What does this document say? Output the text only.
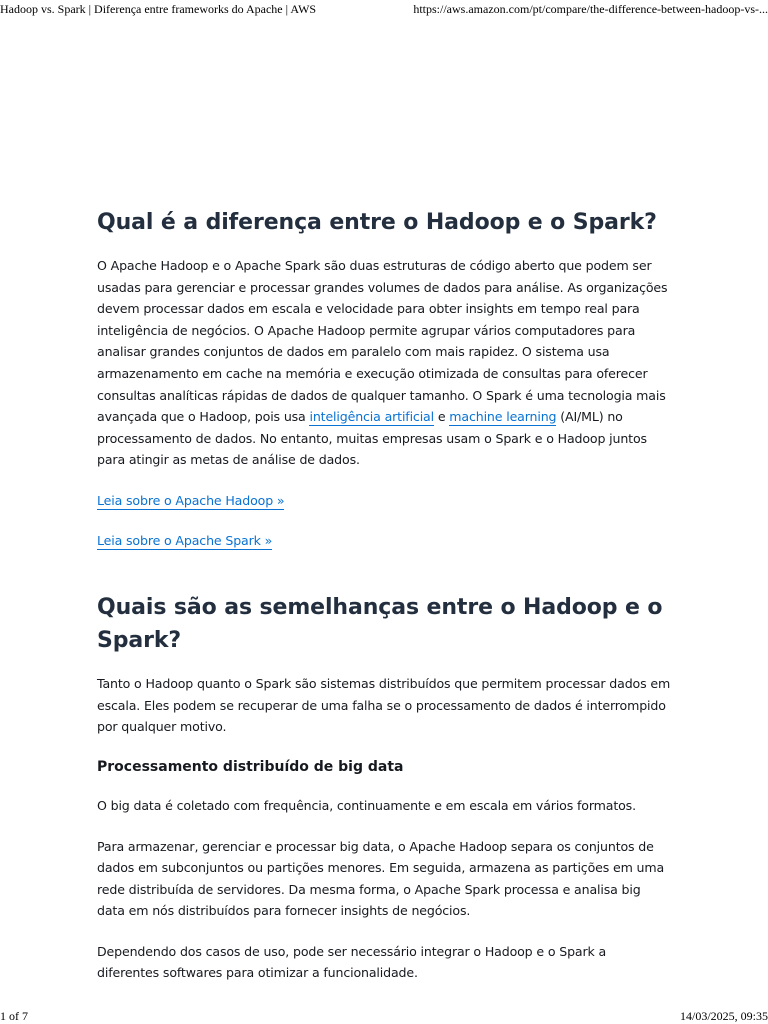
Hadoop vs. Spark | Diferença entre frameworks do Apache | AWS	https://aws.amazon.com/pt/compare/the-difference-between-hadoop-vs-...
Qual é a diferença entre o Hadoop e o Spark?

O Apache Hadoop e o Apache Spark são duas estruturas de código aberto que podem ser usadas para gerenciar e processar grandes volumes de dados para análise. As organizações devem processar dados em escala e velocidade para obter insights em tempo real para inteligência de negócios. O Apache Hadoop permite agrupar vários computadores para analisar grandes conjuntos de dados em paralelo com mais rapidez. O sistema usa armazenamento em cache na memória e execução otimizada de consultas para oferecer consultas analíticas rápidas de dados de qualquer tamanho. O Spark é uma tecnologia mais avançada que o Hadoop, pois usa inteligência artificial e machine learning (AI/ML) no processamento de dados. No entanto, muitas empresas usam o Spark e o Hadoop juntos para atingir as metas de análise de dados.

Leia sobre o Apache Hadoop »

Leia sobre o Apache Spark »

Quais são as semelhanças entre o Hadoop e o Spark?

Tanto o Hadoop quanto o Spark são sistemas distribuídos que permitem processar dados em escala. Eles podem se recuperar de uma falha se o processamento de dados é interrompido por qualquer motivo.

Processamento distribuído de big data

O big data é coletado com frequência, continuamente e em escala em vários formatos.

Para armazenar, gerenciar e processar big data, o Apache Hadoop separa os conjuntos de dados em subconjuntos ou partições menores. Em seguida, armazena as partições em uma rede distribuída de servidores. Da mesma forma, o Apache Spark processa e analisa big data em nós distribuídos para fornecer insights de negócios.

Dependendo dos casos de uso, pode ser necessário integrar o Hadoop e o Spark a diferentes softwares para otimizar a funcionalidade.

1 of 7	14/03/2025, 09:35
